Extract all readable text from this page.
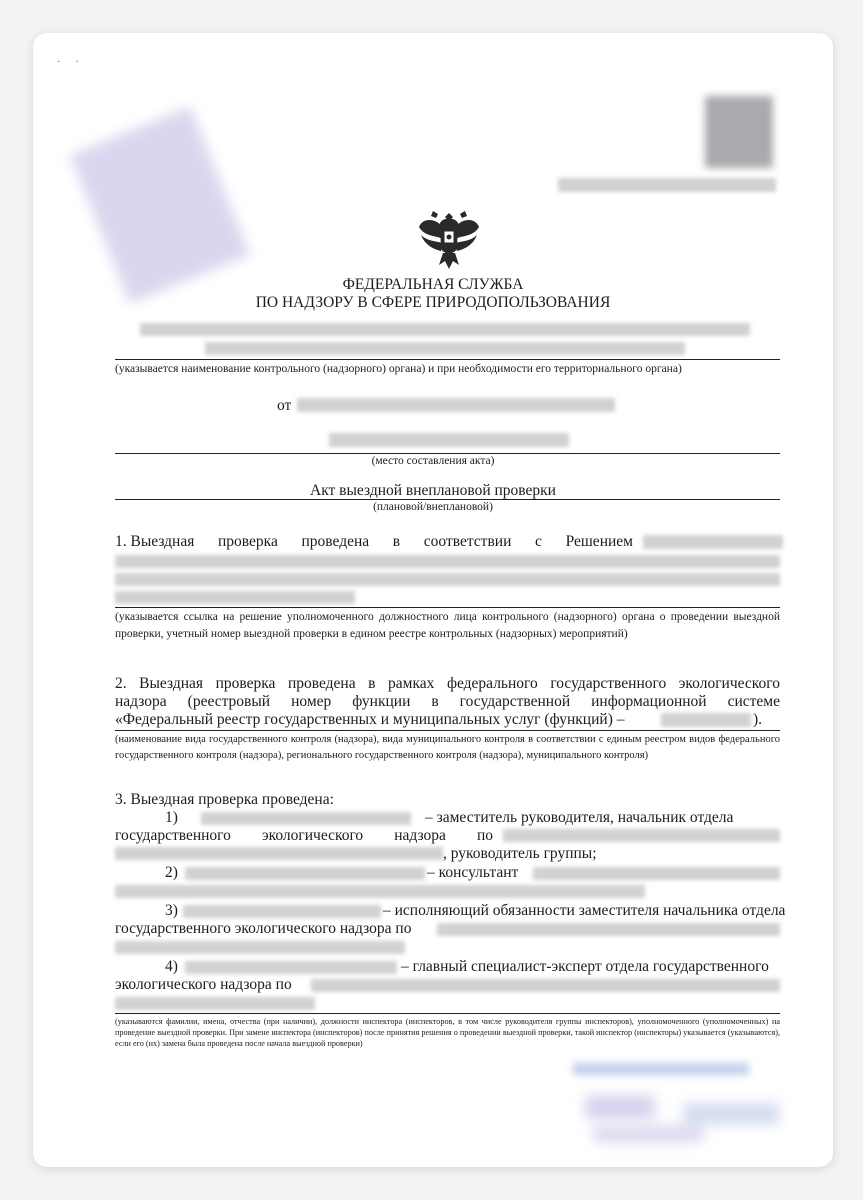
·      ·
ФЕДЕРАЛЬНАЯ СЛУЖБА
ПО НАДЗОРУ В СФЕРЕ ПРИРОДОПОЛЬЗОВАНИЯ
(указывается наименование контрольного (надзорного) органа) и при необходимости его территориального органа)
от
(место составления акта)
Акт выездной внеплановой проверки
(плановой/внеплановой)
1. Выездная проверка проведена в соответствии с Решением
(указывается ссылка на решение уполномоченного должностного лица контрольного (надзорного) органа о проведении выездной проверки, учетный номер выездной проверки в едином реестре контрольных (надзорных) мероприятий)
2. Выездная проверка проведена в рамках федерального государственного экологического
надзора (реестровый номер функции в государственной информационной системе
«Федеральный реестр государственных и муниципальных услуг (функций) –	).
(наименование вида государственного контроля (надзора), вида муниципального контроля в соответствии с единым реестром видов федерального государственного контроля (надзора), регионального государственного контроля (надзора), муниципального контроля)
3. Выездная проверка проведена:
1)	– заместитель руководителя, начальник отдела
государственного экологического надзора по
, руководитель группы;
2)	– консультант
3)	– исполняющий обязанности заместителя начальника отдела
государственного экологического надзора по
4)	– главный специалист-эксперт отдела государственного
экологического надзора по
(указываются фамилии, имена, отчества (при наличии), должности инспектора (инспекторов, в том числе руководителя группы инспекторов), уполномоченного (уполномоченных) на проведение выездной проверки. При замене инспектора (инспекторов) после принятия решения о проведении выездной проверки, такой инспектор (инспекторы) указывается (указываются), если его (их) замена была проведена после начала выездной проверки)
